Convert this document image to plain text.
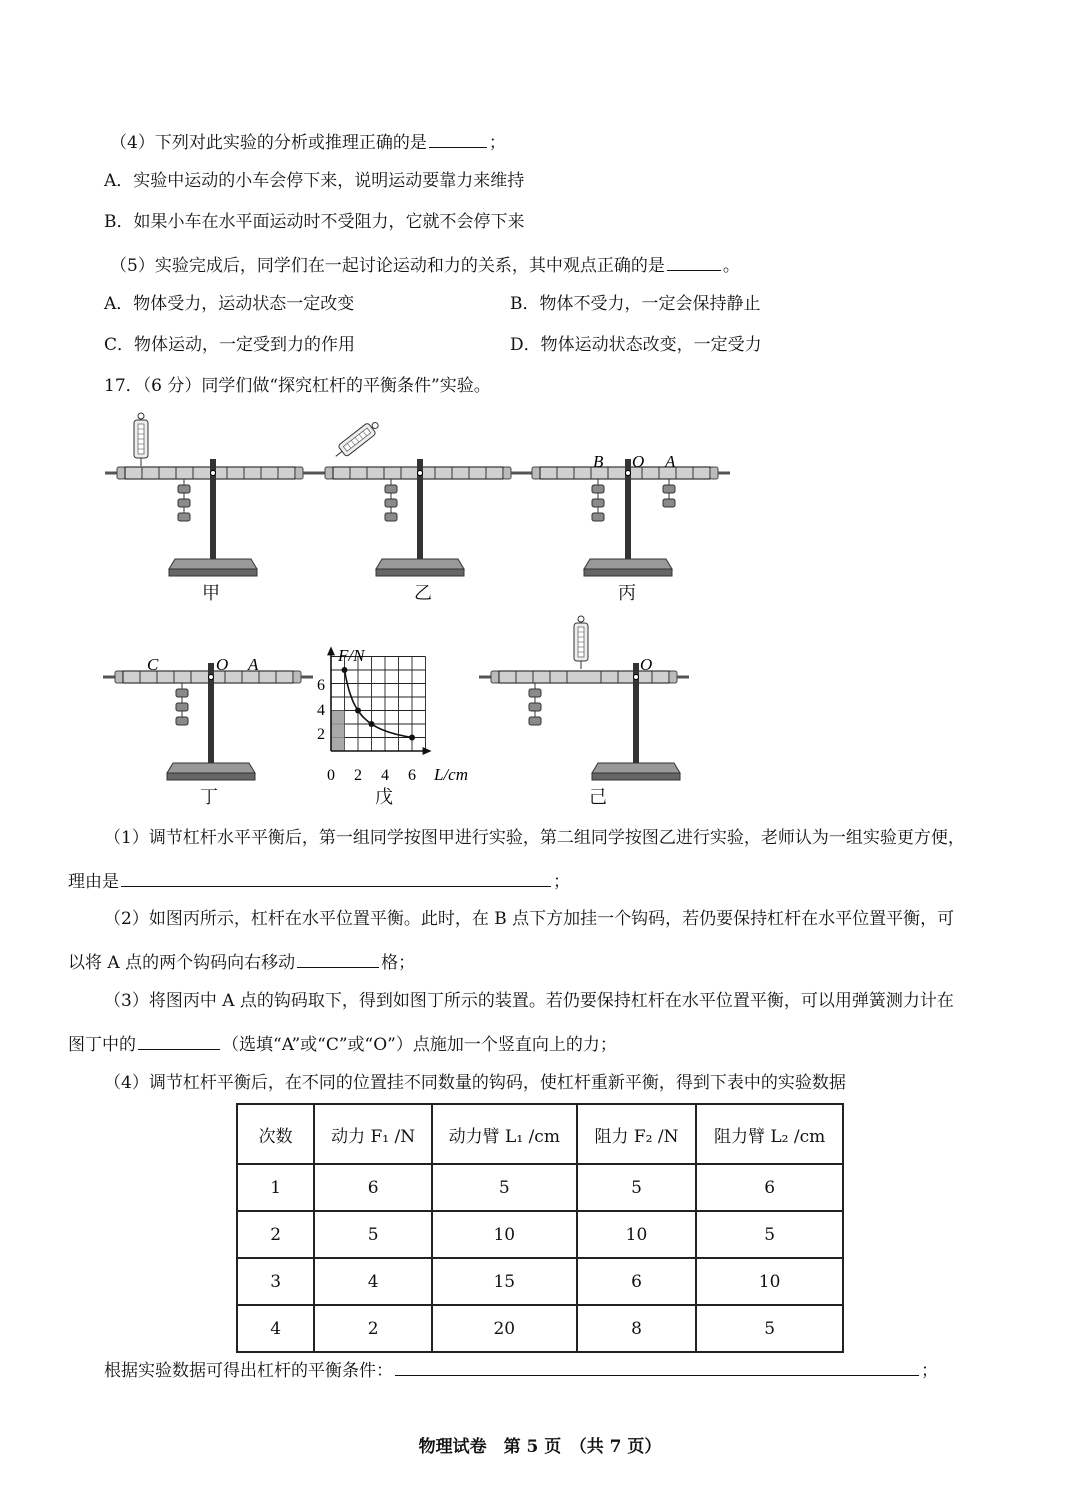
（4）下列对此实验的分析或推理正确的是	；
A．实验中运动的小车会停下来，说明运动要靠力来维持
B．如果小车在水平面运动时不受阻力，它就不会停下来
（5）实验完成后，同学们在一起讨论运动和力的关系，其中观点正确的是	。
A．物体受力，运动状态一定改变	B．物体不受力，一定会保持静止
C．物体运动，一定受到力的作用	D．物体运动状态改变，一定受力
17．（6 分）同学们做“探究杠杆的平衡条件”实验。
F/N
L/cm
2
4
6
0 2 4 6
B O A
C	O A	O
甲	乙	丙
丁	戊	己
（1）调节杠杆水平平衡后，第一组同学按图甲进行实验，第二组同学按图乙进行实验，老师认为一组实验更方便，
理由是	；
（2）如图丙所示，杠杆在水平位置平衡。此时，在 B 点下方加挂一个钩码，若仍要保持杠杆在水平位置平衡，可
以将 A 点的两个钩码向右移动	格；
（3）将图丙中 A 点的钩码取下，得到如图丁所示的装置。若仍要保持杠杆在水平位置平衡，可以用弹簧测力计在
图丁中的	（选填“A”或“C”或“O”）点施加一个竖直向上的力；
（4）调节杠杆平衡后，在不同的位置挂不同数量的钩码，使杠杆重新平衡，得到下表中的实验数据
次数	动力 F₁ /N	动力臂 L₁ /cm	阻力 F₂ /N	阻力臂 L₂ /cm
1	6	5	5	6
2	5	10	10	5
3	4	15	6	10
4	2	20	8	5
根据实验数据可得出杠杆的平衡条件：	；
物理试卷　第 5 页　（共 7 页）
